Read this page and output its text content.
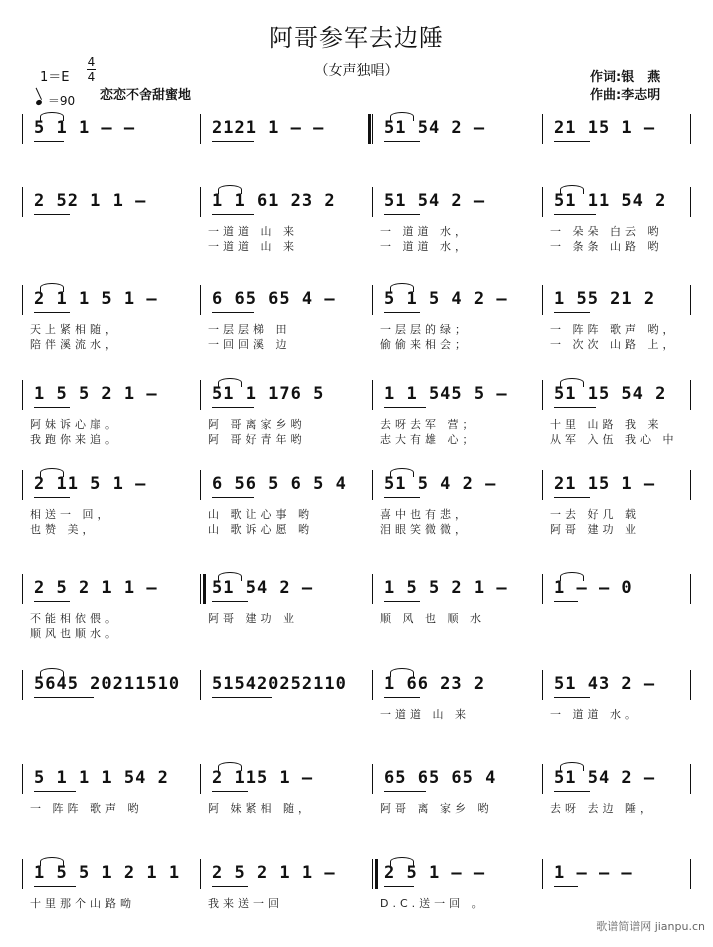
阿哥参军去边陲
（女声独唱）	作词:银　燕
作曲:李志明
1＝E
4
4
＝90 恋恋不舍甜蜜地
5 1 1 – –	2121 1 – –	51 54 2 –	21 15 1 –
2 52 1 1 –	1 1 61 23 2
一道道 山 来
一道道 山 来
51 54 2 –
一 道道 水，
一 道道 水，
51 11 54 2
一 朵朵 白云 哟
一 条条 山路 哟
2 1 1 5 1 –
天上紧相随，
陪伴溪流水，
6 65 65 4 –
一层层梯 田
一回回溪 边
5 1 5 4 2 –
一层层的绿；
偷偷来相会；
1 55 21 2
一 阵阵 歌声 哟，
一 次次 山路 上，
1 5 5 2 1 –
阿妹诉心扉。
我跑你来追。
51 1 176 5
阿 哥离家乡哟
阿 哥好青年哟
1 1 545 5 –
去呀去军 营；
志大有雄 心；
51 15 54 2
十里 山路 我 来
从军 入伍 我心 中
2 11 5 1 –
相送一 回，
也赞 美，
6 56 5 6 5 4
山 歌让心事 哟
山 歌诉心愿 哟
51 5 4 2 –
喜中也有悲，
泪眼笑微微，
21 15 1 –
一去 好几 载
阿哥 建功 业
2 5 2 1 1 –
不能相依偎。
顺风也顺水。
51 54 2 –
阿哥 建功 业
1 5 5 2 1 –
顺 风 也 顺 水
1 – – 0
5645 20211510 515420252110 1 66 23 2
一道道 山 来
51 43 2 –
一 道道 水。
5 1 1 1 54 2
一 阵阵 歌声 哟
2 115 1 –
阿 妹紧相 随，
65 65 65 4
阿哥 离 家乡 哟
51 54 2 –
去呀 去边 陲，
1 5 5 1 2 1 1
十里那个山路呦
2 5 2 1 1 –
我来送一回
2 5 1 – –
D.C.送一回 。
1 – – –
歌谱简谱网 jianpu.cn
